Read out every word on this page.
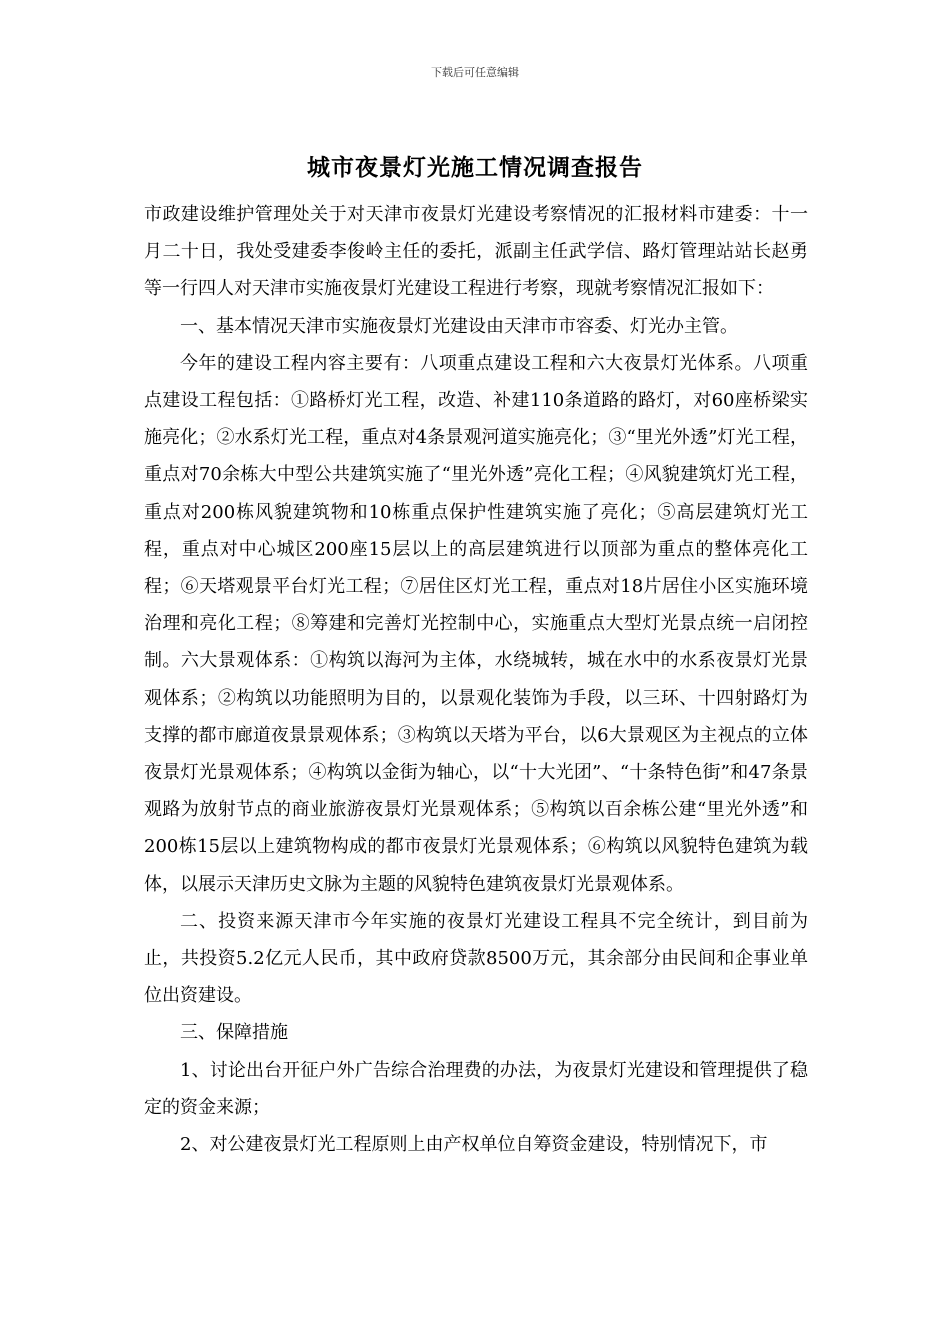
下载后可任意编辑
城市夜景灯光施工情况调查报告

市政建设维护管理处关于对天津市夜景灯光建设考察情况的汇报材料市建委：十一月二十日，我处受建委李俊岭主任的委托，派副主任武学信、路灯管理站站长赵勇等一行四人对天津市实施夜景灯光建设工程进行考察，现就考察情况汇报如下：

一、基本情况天津市实施夜景灯光建设由天津市市容委、灯光办主管。

今年的建设工程内容主要有：八项重点建设工程和六大夜景灯光体系。八项重点建设工程包括：①路桥灯光工程，改造、补建110条道路的路灯，对60座桥梁实施亮化；②水系灯光工程，重点对4条景观河道实施亮化；③“里光外透”灯光工程，重点对70余栋大中型公共建筑实施了“里光外透”亮化工程；④风貌建筑灯光工程，重点对200栋风貌建筑物和10栋重点保护性建筑实施了亮化；⑤高层建筑灯光工程，重点对中心城区200座15层以上的高层建筑进行以顶部为重点的整体亮化工程；⑥天塔观景平台灯光工程；⑦居住区灯光工程，重点对18片居住小区实施环境治理和亮化工程；⑧筹建和完善灯光控制中心，实施重点大型灯光景点统一启闭控制。六大景观体系：①构筑以海河为主体，水绕城转，城在水中的水系夜景灯光景观体系；②构筑以功能照明为目的，以景观化装饰为手段，以三环、十四射路灯为支撑的都市廊道夜景景观体系；③构筑以天塔为平台，以6大景观区为主视点的立体夜景灯光景观体系；④构筑以金街为轴心，以“十大光团”、“十条特色街”和47条景观路为放射节点的商业旅游夜景灯光景观体系；⑤构筑以百余栋公建“里光外透”和200栋15层以上建筑物构成的都市夜景灯光景观体系；⑥构筑以风貌特色建筑为载体，以展示天津历史文脉为主题的风貌特色建筑夜景灯光景观体系。

二、投资来源天津市今年实施的夜景灯光建设工程具不完全统计，到目前为止，共投资5.2亿元人民币，其中政府贷款8500万元，其余部分由民间和企事业单位出资建设。

三、保障措施

1、讨论出台开征户外广告综合治理费的办法，为夜景灯光建设和管理提供了稳定的资金来源；

2、对公建夜景灯光工程原则上由产权单位自筹资金建设，特别情况下，市
